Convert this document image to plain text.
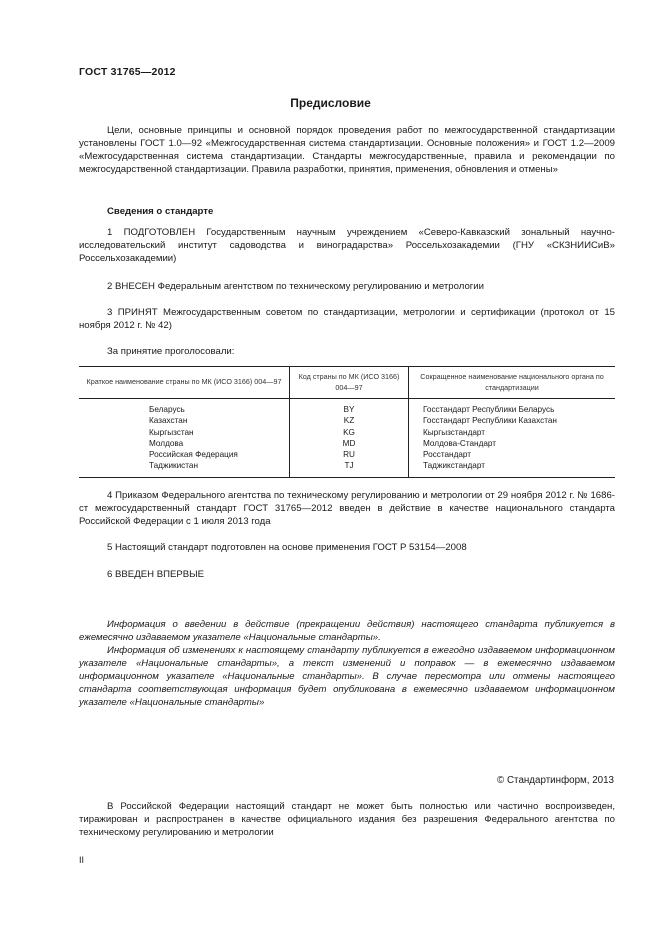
ГОСТ 31765—2012
Предисловие
Цели, основные принципы и основной порядок проведения работ по межгосударственной стандартизации установлены ГОСТ 1.0—92 «Межгосударственная система стандартизации. Основные положения» и ГОСТ 1.2—2009 «Межгосударственная система стандартизации. Стандарты межгосударственные, правила и рекомендации по межгосударственной стандартизации. Правила разработки, принятия, применения, обновления и отмены»
Сведения о стандарте
1 ПОДГОТОВЛЕН Государственным научным учреждением «Северо-Кавказский зональный научно-исследовательский институт садоводства и виноградарства» Россельхозакадемии (ГНУ «СКЗНИИСиВ» Россельхозакадемии)
2 ВНЕСЕН Федеральным агентством по техническому регулированию и метрологии
3 ПРИНЯТ Межгосударственным советом по стандартизации, метрологии и сертификации (протокол от 15 ноября 2012 г. № 42)
За принятие проголосовали:
Краткое наименование страны по МК (ИСО 3166) 004—97	Код страны по МК (ИСО 3166) 004—97	Сокращенное наименование национального органа по стандартизации
Беларусь	BY	Госстандарт Республики Беларусь
Казахстан	KZ	Госстандарт Республики Казахстан
Кыргызстан	KG	Кыргызстандарт
Молдова	MD	Молдова-Стандарт
Российская Федерация	RU	Росстандарт
Таджикистан	TJ	Таджикстандарт
4 Приказом Федерального агентства по техническому регулированию и метрологии от 29 ноября 2012 г. № 1686-ст межгосударственный стандарт ГОСТ 31765—2012 введен в действие в качестве национального стандарта Российской Федерации с 1 июля 2013 года
5 Настоящий стандарт подготовлен на основе применения ГОСТ Р 53154—2008
6 ВВЕДЕН ВПЕРВЫЕ
Информация о введении в действие (прекращении действия) настоящего стандарта публикуется в ежемесячно издаваемом указателе «Национальные стандарты».
Информация об изменениях к настоящему стандарту публикуется в ежегодно издаваемом информационном указателе «Национальные стандарты», а текст изменений и поправок — в ежемесячно издаваемом информационном указателе «Национальные стандарты». В случае пересмотра или отмены настоящего стандарта соответствующая информация будет опубликована в ежемесячно издаваемом информационном указателе «Национальные стандарты»
© Стандартинформ, 2013
В Российской Федерации настоящий стандарт не может быть полностью или частично воспроизведен, тиражирован и распространен в качестве официального издания без разрешения Федерального агентства по техническому регулированию и метрологии
II
